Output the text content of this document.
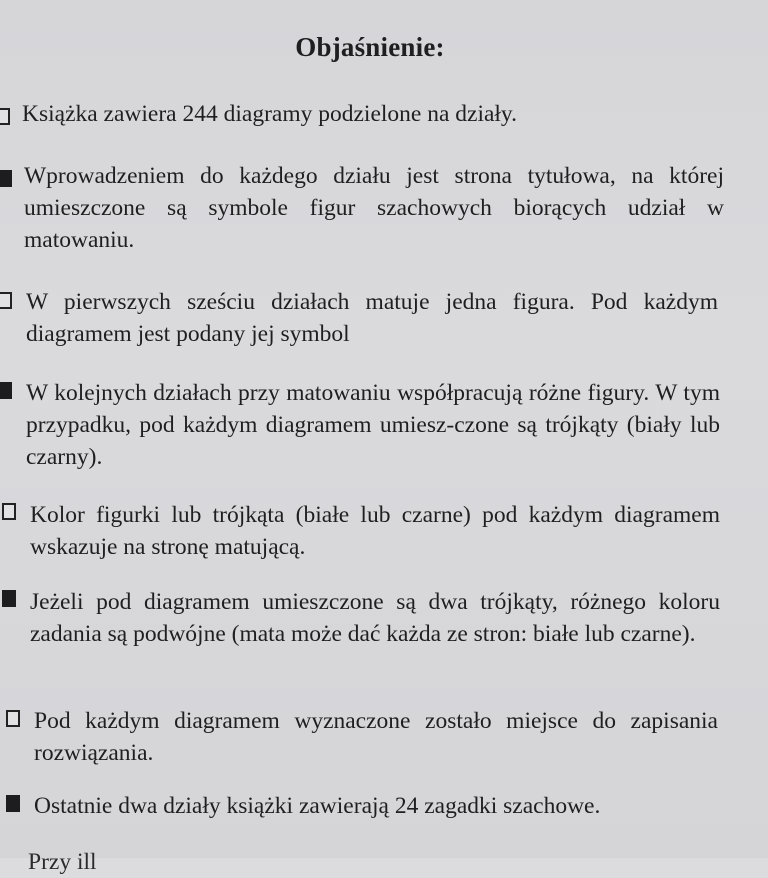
Objaśnienie:
Książka zawiera 244 diagramy podzielone na działy.
Wprowadzeniem do każdego działu jest strona tytułowa, na której umieszczone są symbole figur szachowych biorących udział w matowaniu.
W pierwszych sześciu działach matuje jedna figura. Pod każdym diagramem jest podany jej symbol
W kolejnych działach przy matowaniu współpracują różne figury. W tym przypadku, pod każdym diagramem umiesz-czone są trójkąty (biały lub czarny).
Kolor figurki lub trójkąta (białe lub czarne) pod każdym diagramem wskazuje na stronę matującą.
Jeżeli pod diagramem umieszczone są dwa trójkąty, różnego koloru zadania są podwójne (mata może dać każda ze stron: białe lub czarne).
Pod każdym diagramem wyznaczone zostało miejsce do zapisania rozwiązania.
Ostatnie dwa działy książki zawierają 24 zagadki szachowe.
Przy ill
